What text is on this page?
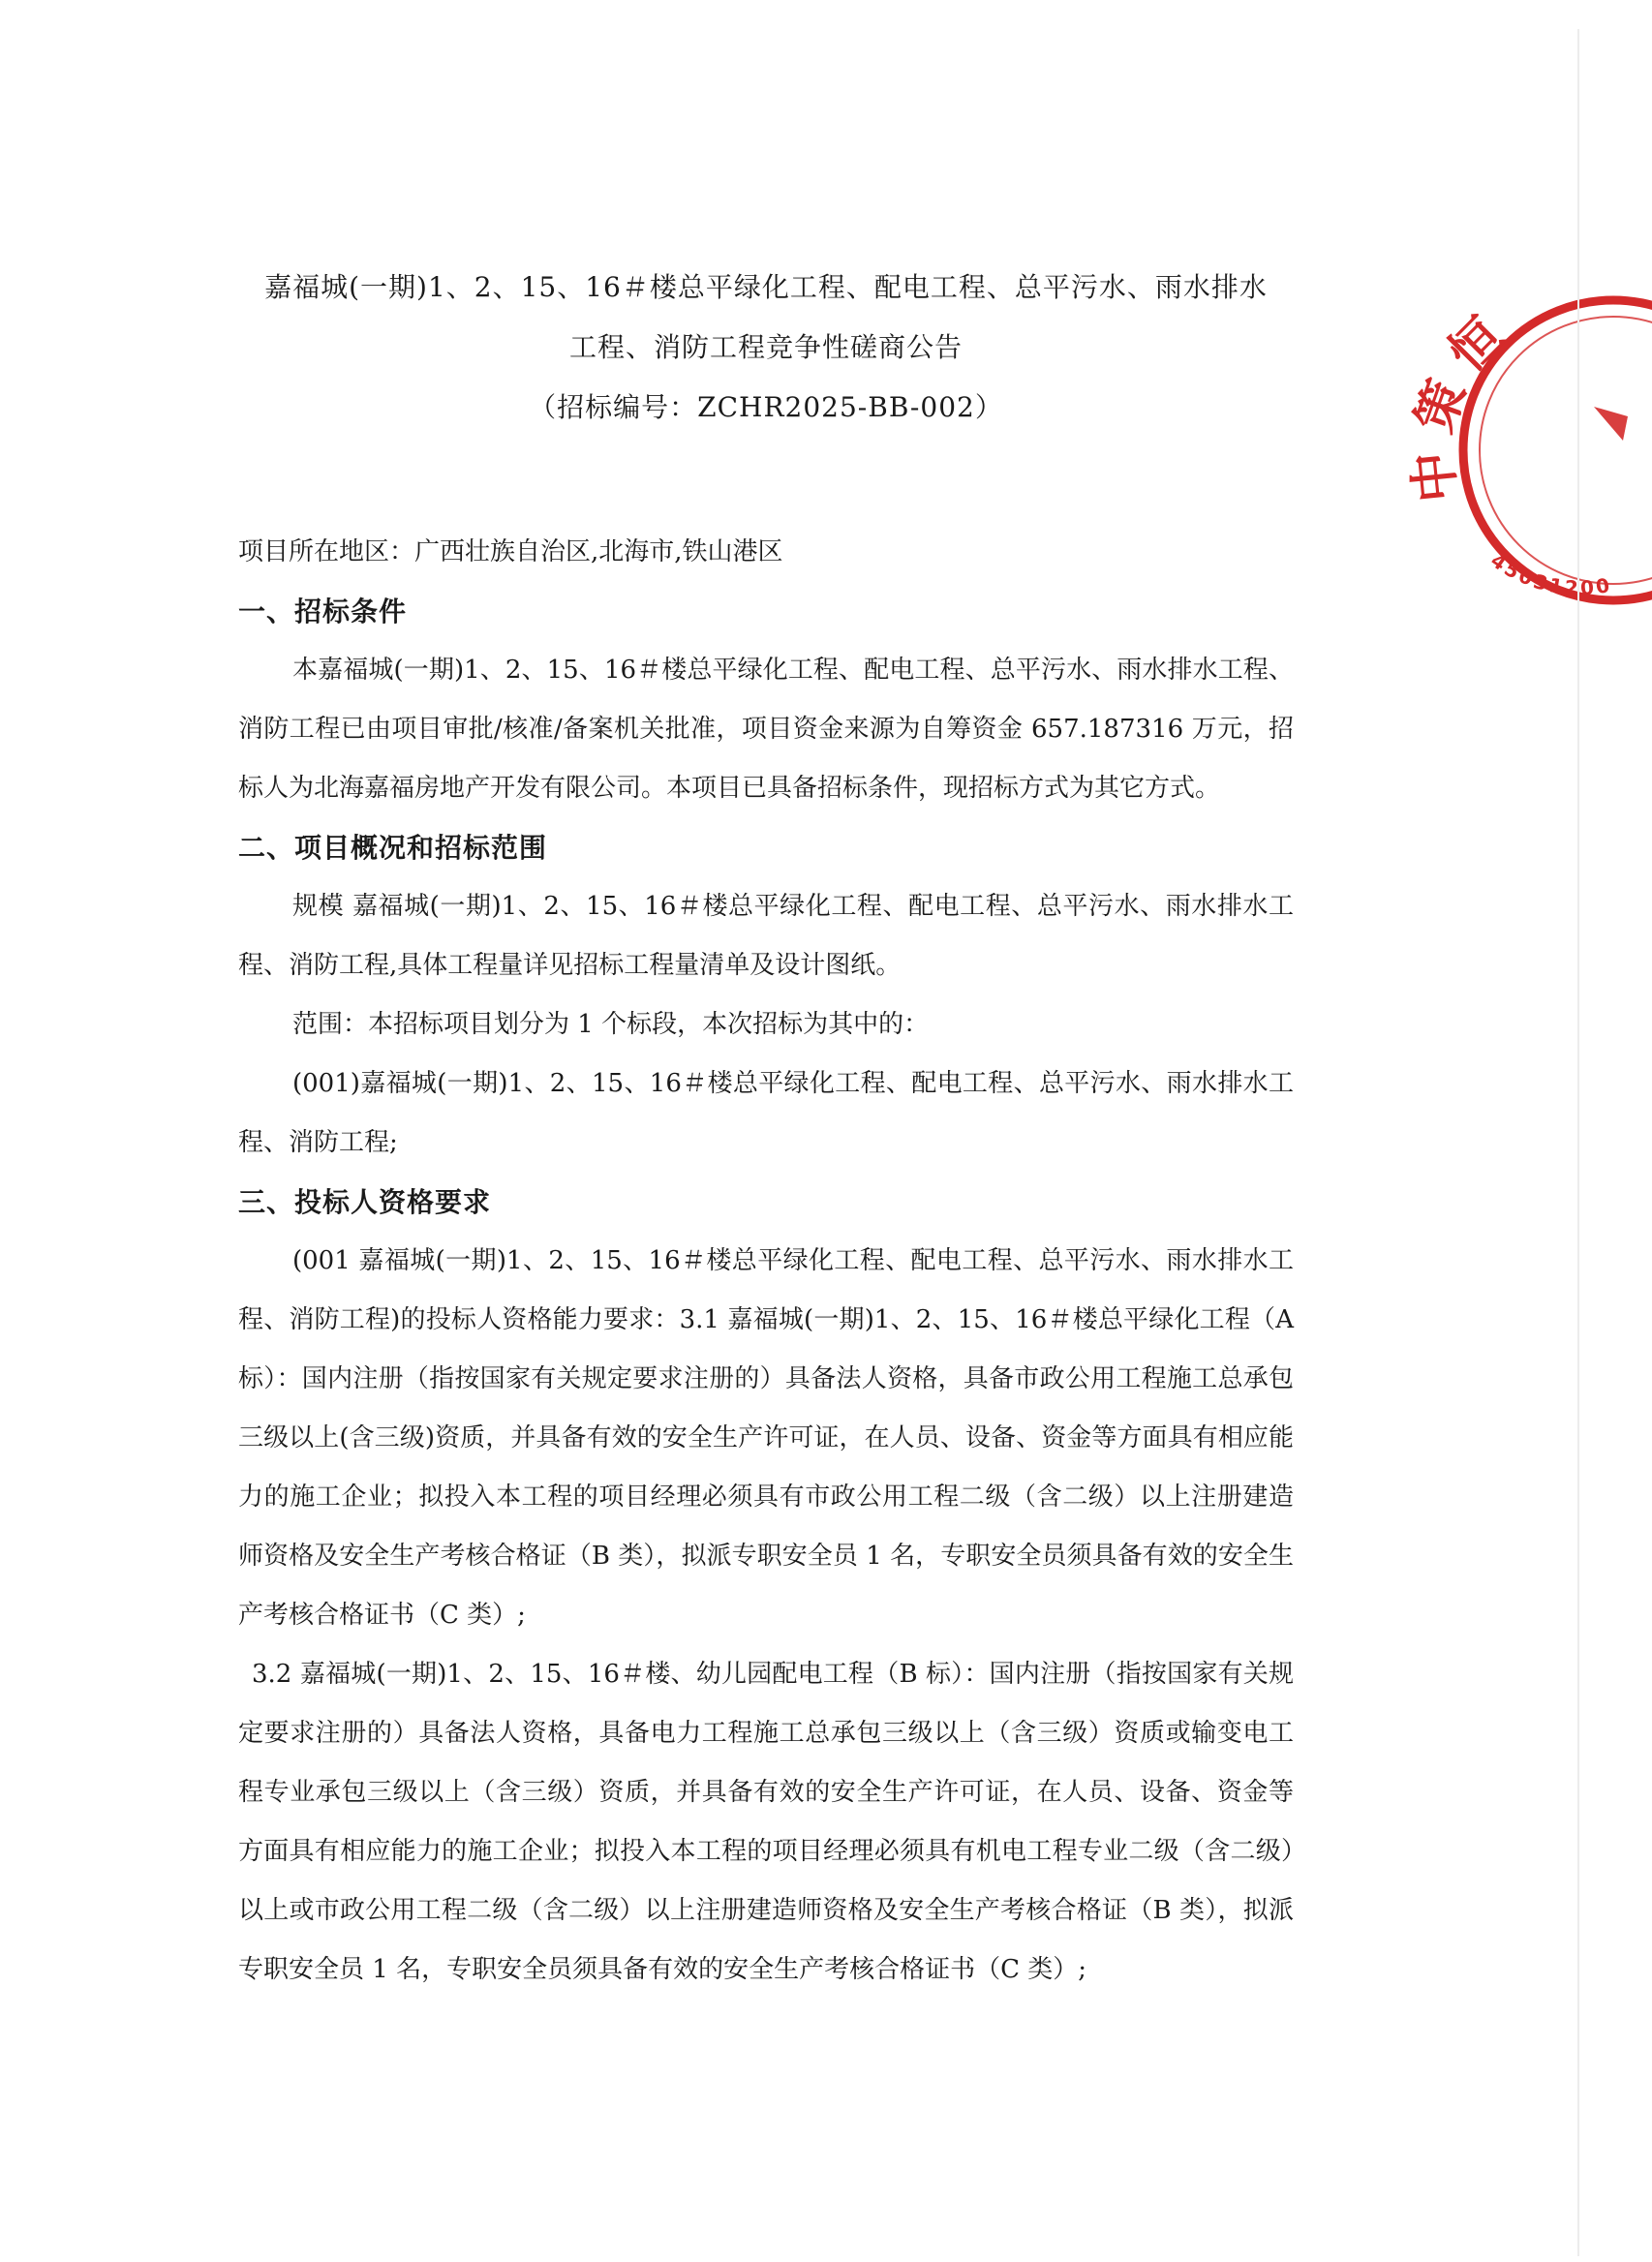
嘉福城(一期)1、2、15、16＃楼总平绿化工程、配电工程、总平污水、雨水排水
工程、消防工程竞争性磋商公告
（招标编号：ZCHR2025-BB-002）

项目所在地区：广西壮族自治区,北海市,铁山港区

一、招标条件

本嘉福城(一期)1、2、15、16＃楼总平绿化工程、配电工程、总平污水、雨水排水工程、消防工程已由项目审批/核准/备案机关批准，项目资金来源为自筹资金 657.187316 万元，招标人为北海嘉福房地产开发有限公司。本项目已具备招标条件，现招标方式为其它方式。

二、项目概况和招标范围

规模 嘉福城(一期)1、2、15、16＃楼总平绿化工程、配电工程、总平污水、雨水排水工程、消防工程,具体工程量详见招标工程量清单及设计图纸。

范围：本招标项目划分为 1 个标段，本次招标为其中的：

(001)嘉福城(一期)1、2、15、16＃楼总平绿化工程、配电工程、总平污水、雨水排水工程、消防工程;

三、投标人资格要求

(001 嘉福城(一期)1、2、15、16＃楼总平绿化工程、配电工程、总平污水、雨水排水工程、消防工程)的投标人资格能力要求：3.1 嘉福城(一期)1、2、15、16＃楼总平绿化工程（A标）：国内注册（指按国家有关规定要求注册的）具备法人资格，具备市政公用工程施工总承包三级以上(含三级)资质，并具备有效的安全生产许可证，在人员、设备、资金等方面具有相应能力的施工企业；拟投入本工程的项目经理必须具有市政公用工程二级（含二级）以上注册建造师资格及安全生产考核合格证（B 类），拟派专职安全员 1 名，专职安全员须具备有效的安全生产考核合格证书（C 类）;

3.2 嘉福城(一期)1、2、15、16＃楼、幼儿园配电工程（B 标）：国内注册（指按国家有关规定要求注册的）具备法人资格，具备电力工程施工总承包三级以上（含三级）资质或输变电工程专业承包三级以上（含三级）资质，并具备有效的安全生产许可证，在人员、设备、资金等方面具有相应能力的施工企业；拟投入本工程的项目经理必须具有机电工程专业二级（含二级）以上或市政公用工程二级（含二级）以上注册建造师资格及安全生产考核合格证（B 类），拟派专职安全员 1 名，专职安全员须具备有效的安全生产考核合格证书（C 类）;

中策恒
45031200
